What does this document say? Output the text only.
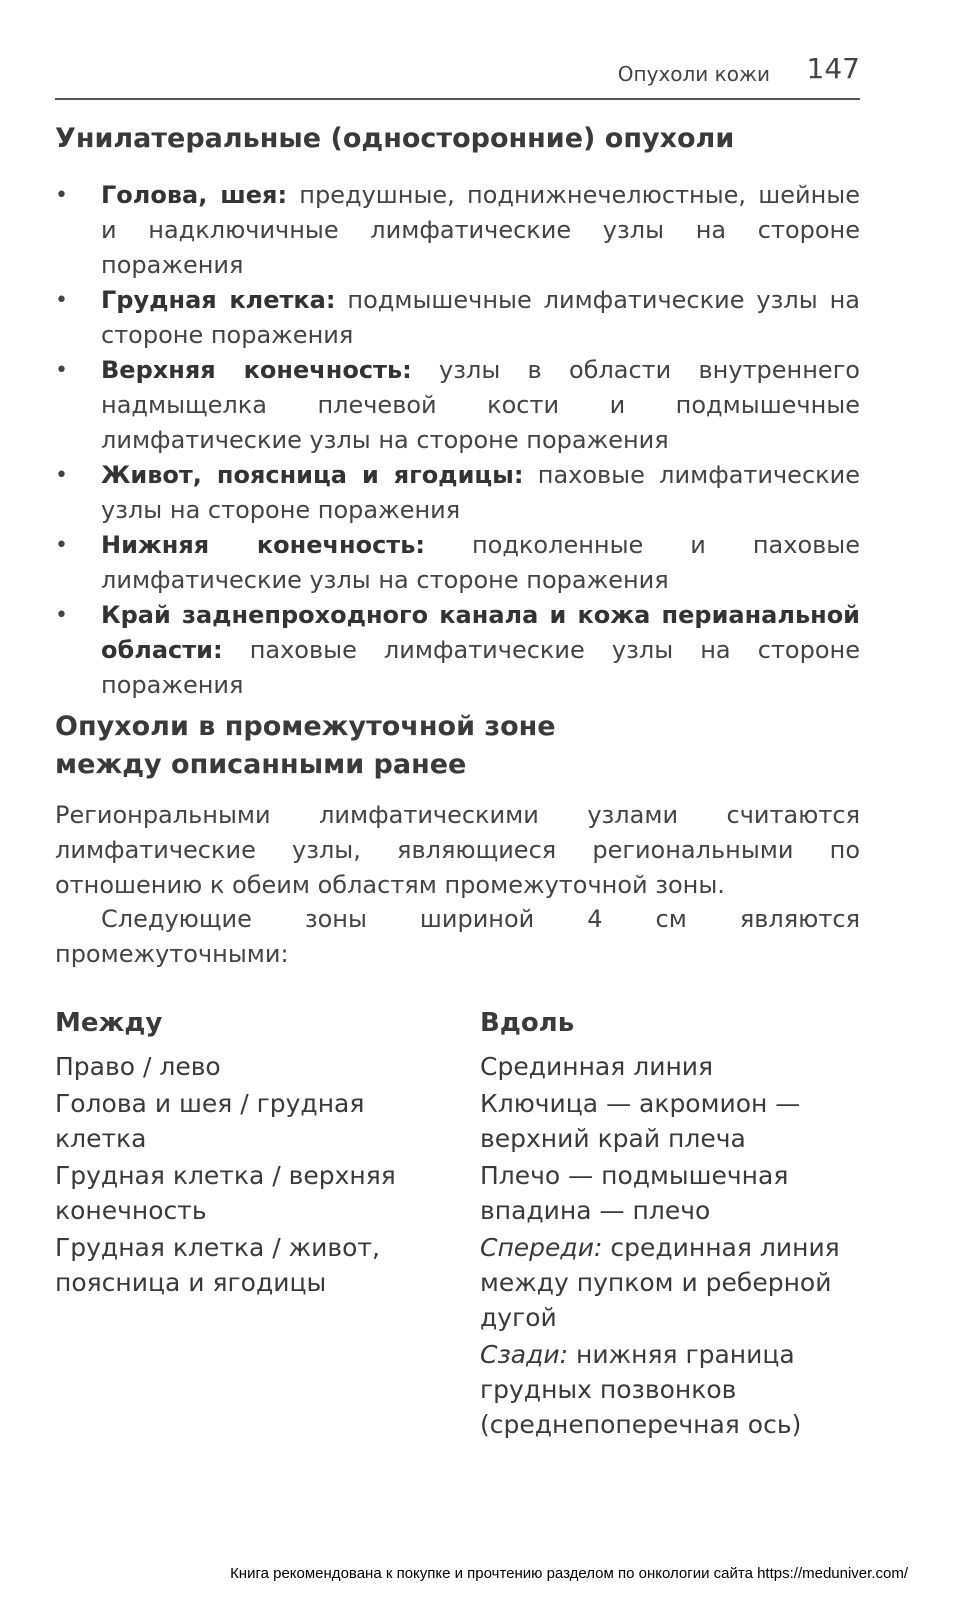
Опухоли кожи 147
Унилатеральные (односторонние) опухоли
• Голова, шея: предушные, поднижнечелюстные, шейные и надключичные лимфатические узлы на стороне поражения
• Грудная клетка: подмышечные лимфатические узлы на стороне поражения
• Верхняя конечность: узлы в области внутреннего надмыщелка плечевой кости и подмышечные лимфатические узлы на стороне поражения
• Живот, поясница и ягодицы: паховые лимфатические узлы на стороне поражения
• Нижняя конечность: подколенные и паховые лимфатические узлы на стороне поражения
• Край заднепроходного канала и кожа перианальной области: паховые лимфатические узлы на стороне поражения
Опухоли в промежуточной зоне
между описанными ранее

Регионральными лимфатическими узлами считаются лимфатические узлы, являющиеся региональными по отношению к обеим областям промежуточной зоны.

Следующие зоны шириной 4 см являются промежуточными:

Между
Право / лево
Голова и шея / грудная клетка
Грудная клетка / верхняя конечность
Грудная клетка / живот, поясница и ягодицы
Вдоль
Срединная линия
Ключица — акромион — верхний край плеча
Плечо — подмышечная впадина — плечо
Спереди: срединная линия между пупком и реберной дугой
Сзади: нижняя граница грудных позвонков (среднепоперечная ось)
Книга рекомендована к покупке и прочтению разделом по онкологии сайта https://meduniver.com/
